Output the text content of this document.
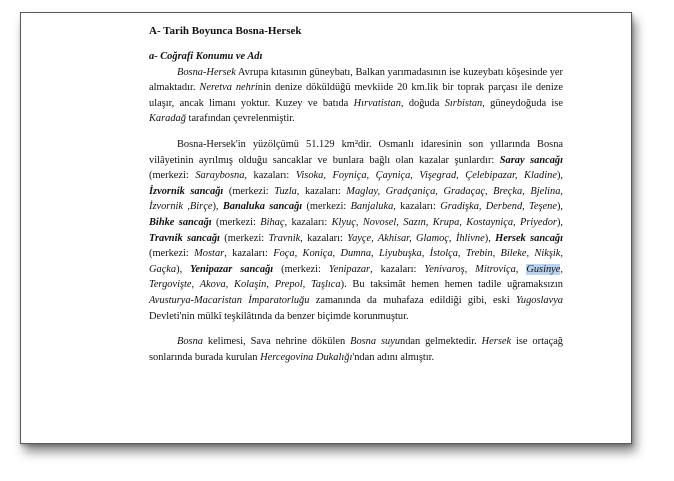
A- Tarih Boyunca Bosna-Hersek

a- Coğrafi Konumu ve Adı

Bosna-Hersek Avrupa kıtasının güneybatı, Balkan yarımadasının ise kuzeybatı köşesinde yer almaktadır. Neretva nehrinin denize döküldüğü mevkiide 20 km.lik bir toprak parçası ile denize ulaşır, ancak limanı yoktur. Kuzey ve batıda Hırvatistan, doğuda Sırbistan, güneydoğuda ise Karadağ tarafından çevrelenmiştir.

Bosna-Hersek'in yüzölçümü 51.129 km²dir. Osmanlı idaresinin son yıllarında Bosna vilâyetinin ayrılmış olduğu sancaklar ve bunlara bağlı olan kazalar şunlardır: Saray sancağı (merkezi: Saraybosna, kazaları: Visoka, Foyniça, Çayniça, Vişegrad, Çelebipazar, Kladine), İzvornik sancağı (merkezi: Tuzla, kazaları: Maglay, Gradçaniça, Gradaçaç, Breçka, Bjelina, İzvornik ,Birçe), Banaluka sancağı (merkezi: Banjaluka, kazaları: Gradişka, Derbend, Teşene), Bihke sancağı (merkezi: Bihaç, kazaları: Klyuç, Novosel, Sazın, Krupa, Kostayniça, Priyedor), Travnik sancağı (merkezi: Travnik, kazaları: Yayçe, Akhisar, Glamoç, İhlivne), Hersek sancağı (merkezi: Mostar, kazaları: Foça, Koniça, Dumna, Liyubuşka, İstolça, Trebin, Bileke, Nikşik, Gaçka), Yenipazar sancağı (merkezi: Yenipazar, kazaları: Yenivaroş, Mitroviça, Gusinye, Tergovişte, Akova, Kolaşin, Prepol, Taşlıca). Bu taksimât hemen hemen tadile uğramaksızın Avusturya-Macaristan İmparatorluğu zamanında da muhafaza edildiği gibi, eski Yugoslavya Devleti'nin mülkî teşkilâtında da benzer biçimde korunmuştur.

Bosna kelimesi, Sava nehrine dökülen Bosna suyundan gelmektedir. Hersek ise ortaçağ sonlarında burada kurulan Hercegovina Dukalığı'ndan adını almıştır.
